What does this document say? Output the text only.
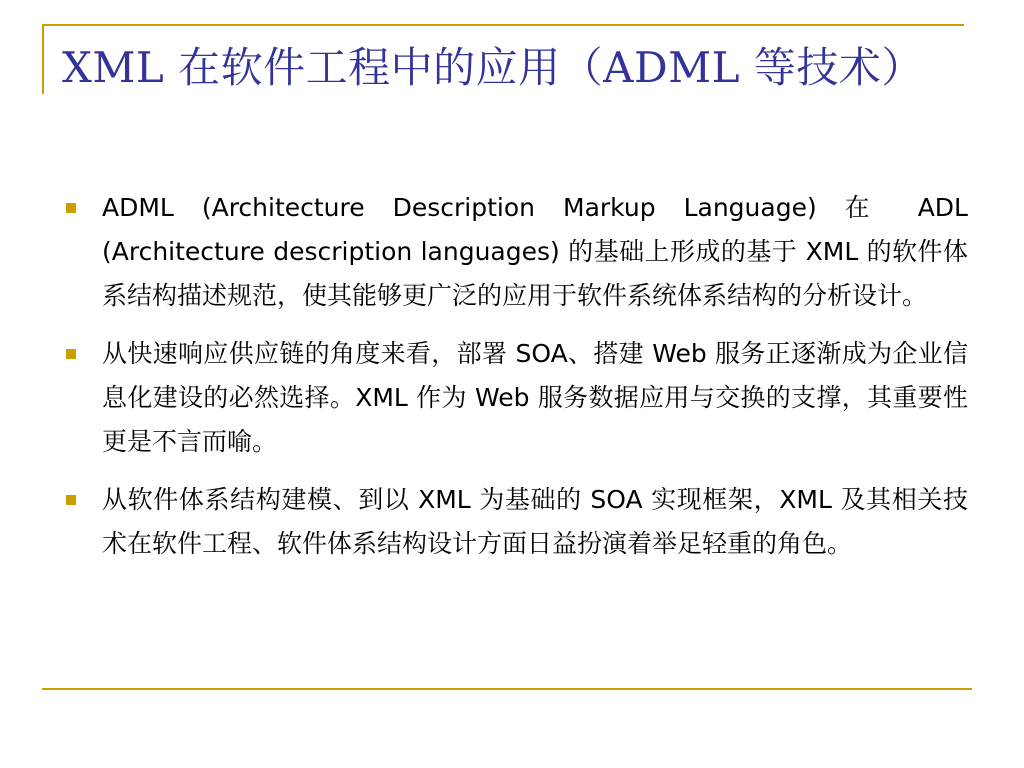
XML 在软件工程中的应用（ADML 等技术）
ADML (Architecture Description Markup Language) 在 ADL (Architecture description languages) 的基础上形成的基于 XML 的软件体系结构描述规范，使其能够更广泛的应用于软件系统体系结构的分析设计。
从快速响应供应链的角度来看，部署 SOA、搭建 Web 服务正逐渐成为企业信息化建设的必然选择。XML 作为 Web 服务数据应用与交换的支撑，其重要性更是不言而喻。
从软件体系结构建模、到以 XML 为基础的 SOA 实现框架，XML 及其相关技术在软件工程、软件体系结构设计方面日益扮演着举足轻重的角色。
